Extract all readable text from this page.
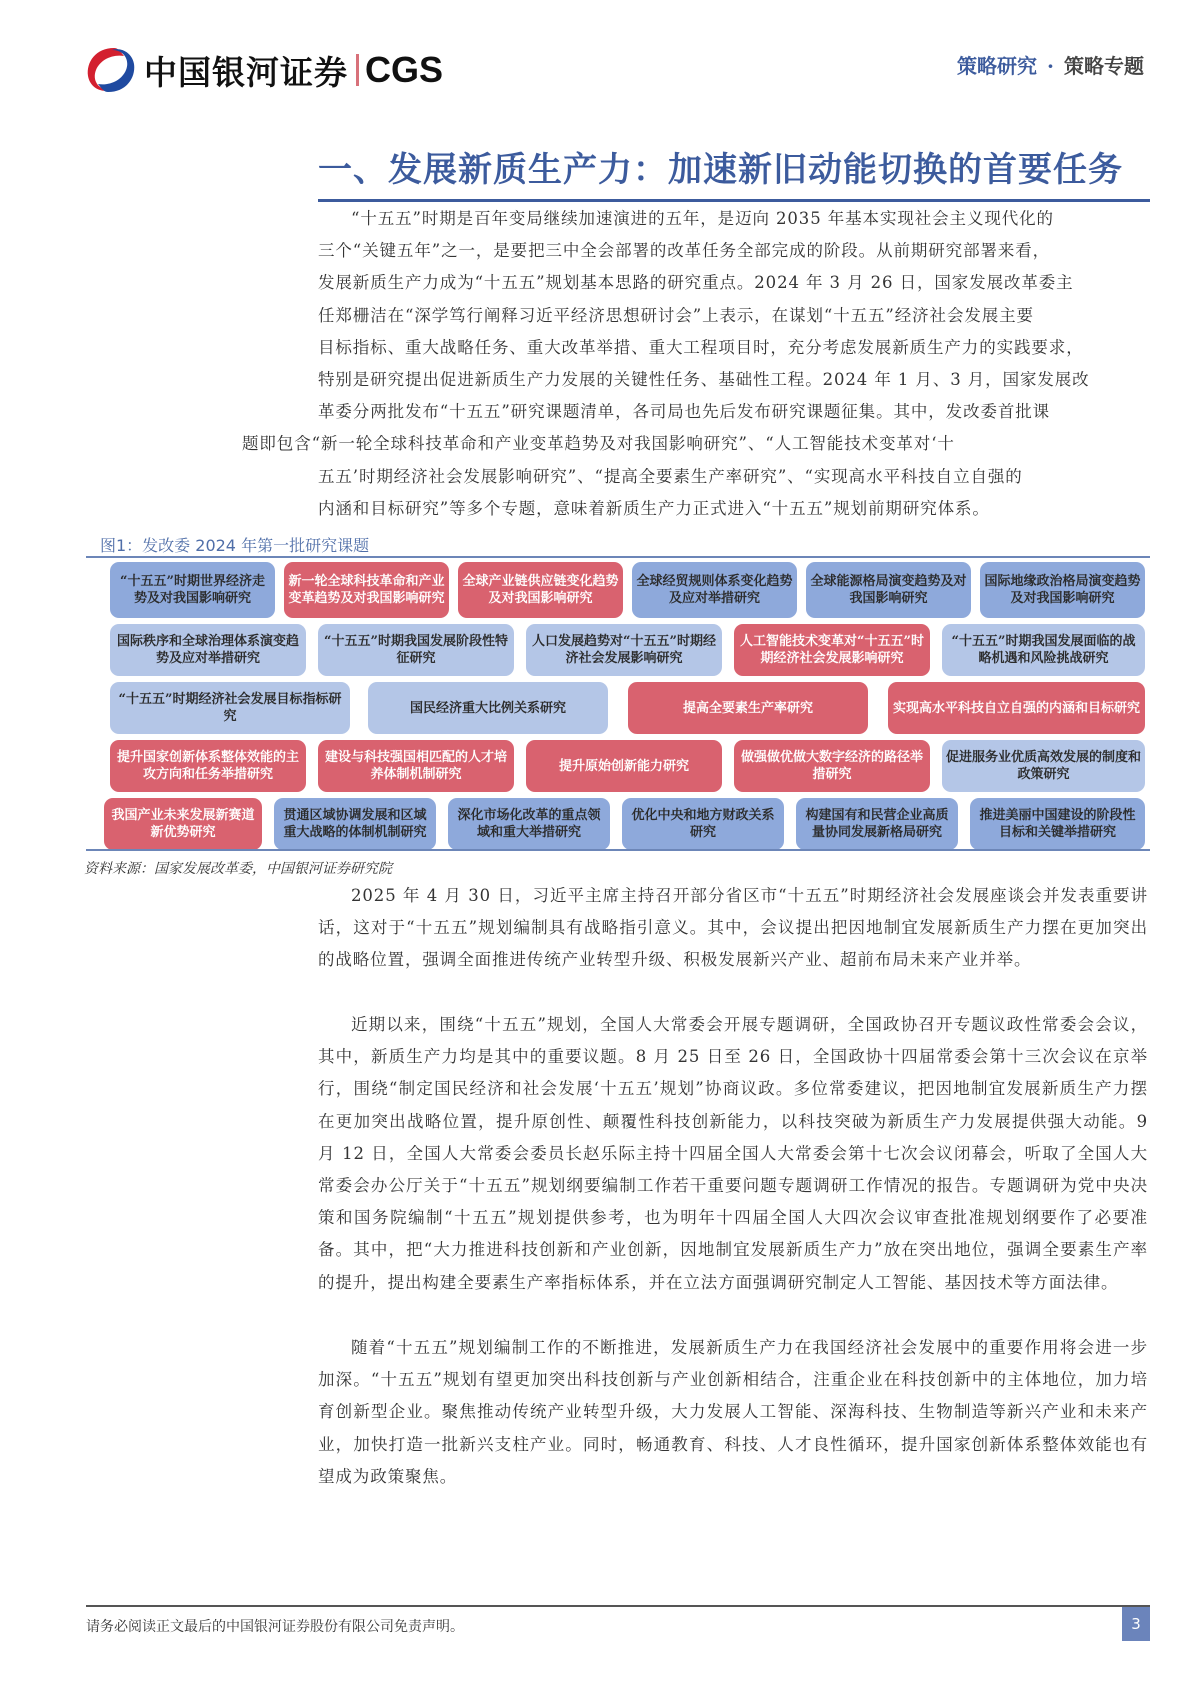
中国银河证券 CGS	策略研究 · 策略专题
一、发展新质生产力：加速新旧动能切换的首要任务
“十五五”时期是百年变局继续加速演进的五年，是迈向 2035 年基本实现社会主义现代化的
三个“关键五年”之一，是要把三中全会部署的改革任务全部完成的阶段。从前期研究部署来看，
发展新质生产力成为“十五五”规划基本思路的研究重点。2024 年 3 月 26 日，国家发展改革委主
任郑栅洁在“深学笃行阐释习近平经济思想研讨会”上表示，在谋划“十五五”经济社会发展主要
目标指标、重大战略任务、重大改革举措、重大工程项目时，充分考虑发展新质生产力的实践要求，
特别是研究提出促进新质生产力发展的关键性任务、基础性工程。2024 年 1 月、3 月，国家发展改
革委分两批发布“十五五”研究课题清单，各司局也先后发布研究课题征集。其中，发改委首批课
题即包含“新一轮全球科技革命和产业变革趋势及对我国影响研究”、“人工智能技术变革对‘十
五五’时期经济社会发展影响研究”、“提高全要素生产率研究”、“实现高水平科技自立自强的
内涵和目标研究”等多个专题，意味着新质生产力正式进入“十五五”规划前期研究体系。
图1：发改委 2024 年第一批研究课题
“十五五”时期世界经济走势及对我国影响研究
新一轮全球科技革命和产业变革趋势及对我国影响研究
全球产业链供应链变化趋势及对我国影响研究
全球经贸规则体系变化趋势及应对举措研究
全球能源格局演变趋势及对我国影响研究
国际地缘政治格局演变趋势及对我国影响研究
国际秩序和全球治理体系演变趋势及应对举措研究
“十五五”时期我国发展阶段性特征研究
人口发展趋势对“十五五”时期经济社会发展影响研究
人工智能技术变革对“十五五”时期经济社会发展影响研究
“十五五”时期我国发展面临的战略机遇和风险挑战研究
“十五五”时期经济社会发展目标指标研究
国民经济重大比例关系研究	提高全要素生产率研究	实现高水平科技自立自强的内涵和目标研究
提升国家创新体系整体效能的主攻方向和任务举措研究
建设与科技强国相匹配的人才培养体制机制研究
提升原始创新能力研究
做强做优做大数字经济的路径举措研究
促进服务业优质高效发展的制度和政策研究
我国产业未来发展新赛道新优势研究
贯通区域协调发展和区域重大战略的体制机制研究
深化市场化改革的重点领域和重大举措研究
优化中央和地方财政关系研究
构建国有和民营企业高质量协同发展新格局研究
推进美丽中国建设的阶段性目标和关键举措研究
资料来源：国家发展改革委，中国银河证券研究院
2025 年 4 月 30 日，习近平主席主持召开部分省区市“十五五”时期经济社会发展座谈会并发表重要讲话，这对于“十五五”规划编制具有战略指引意义。其中，会议提出把因地制宜发展新质生产力摆在更加突出的战略位置，强调全面推进传统产业转型升级、积极发展新兴产业、超前布局未来产业并举。
近期以来，围绕“十五五”规划，全国人大常委会开展专题调研，全国政协召开专题议政性常委会会议，其中，新质生产力均是其中的重要议题。8 月 25 日至 26 日，全国政协十四届常委会第十三次会议在京举行，围绕“制定国民经济和社会发展‘十五五’规划”协商议政。多位常委建议，把因地制宜发展新质生产力摆在更加突出战略位置，提升原创性、颠覆性科技创新能力，以科技突破为新质生产力发展提供强大动能。9 月 12 日，全国人大常委会委员长赵乐际主持十四届全国人大常委会第十七次会议闭幕会，听取了全国人大常委会办公厅关于“十五五”规划纲要编制工作若干重要问题专题调研工作情况的报告。专题调研为党中央决策和国务院编制“十五五”规划提供参考，也为明年十四届全国人大四次会议审查批准规划纲要作了必要准备。其中，把“大力推进科技创新和产业创新，因地制宜发展新质生产力”放在突出地位，强调全要素生产率的提升，提出构建全要素生产率指标体系，并在立法方面强调研究制定人工智能、基因技术等方面法律。
随着“十五五”规划编制工作的不断推进，发展新质生产力在我国经济社会发展中的重要作用将会进一步加深。“十五五”规划有望更加突出科技创新与产业创新相结合，注重企业在科技创新中的主体地位，加力培育创新型企业。聚焦推动传统产业转型升级，大力发展人工智能、深海科技、生物制造等新兴产业和未来产业，加快打造一批新兴支柱产业。同时，畅通教育、科技、人才良性循环，提升国家创新体系整体效能也有望成为政策聚焦。
请务必阅读正文最后的中国银河证券股份有限公司免责声明。	3
